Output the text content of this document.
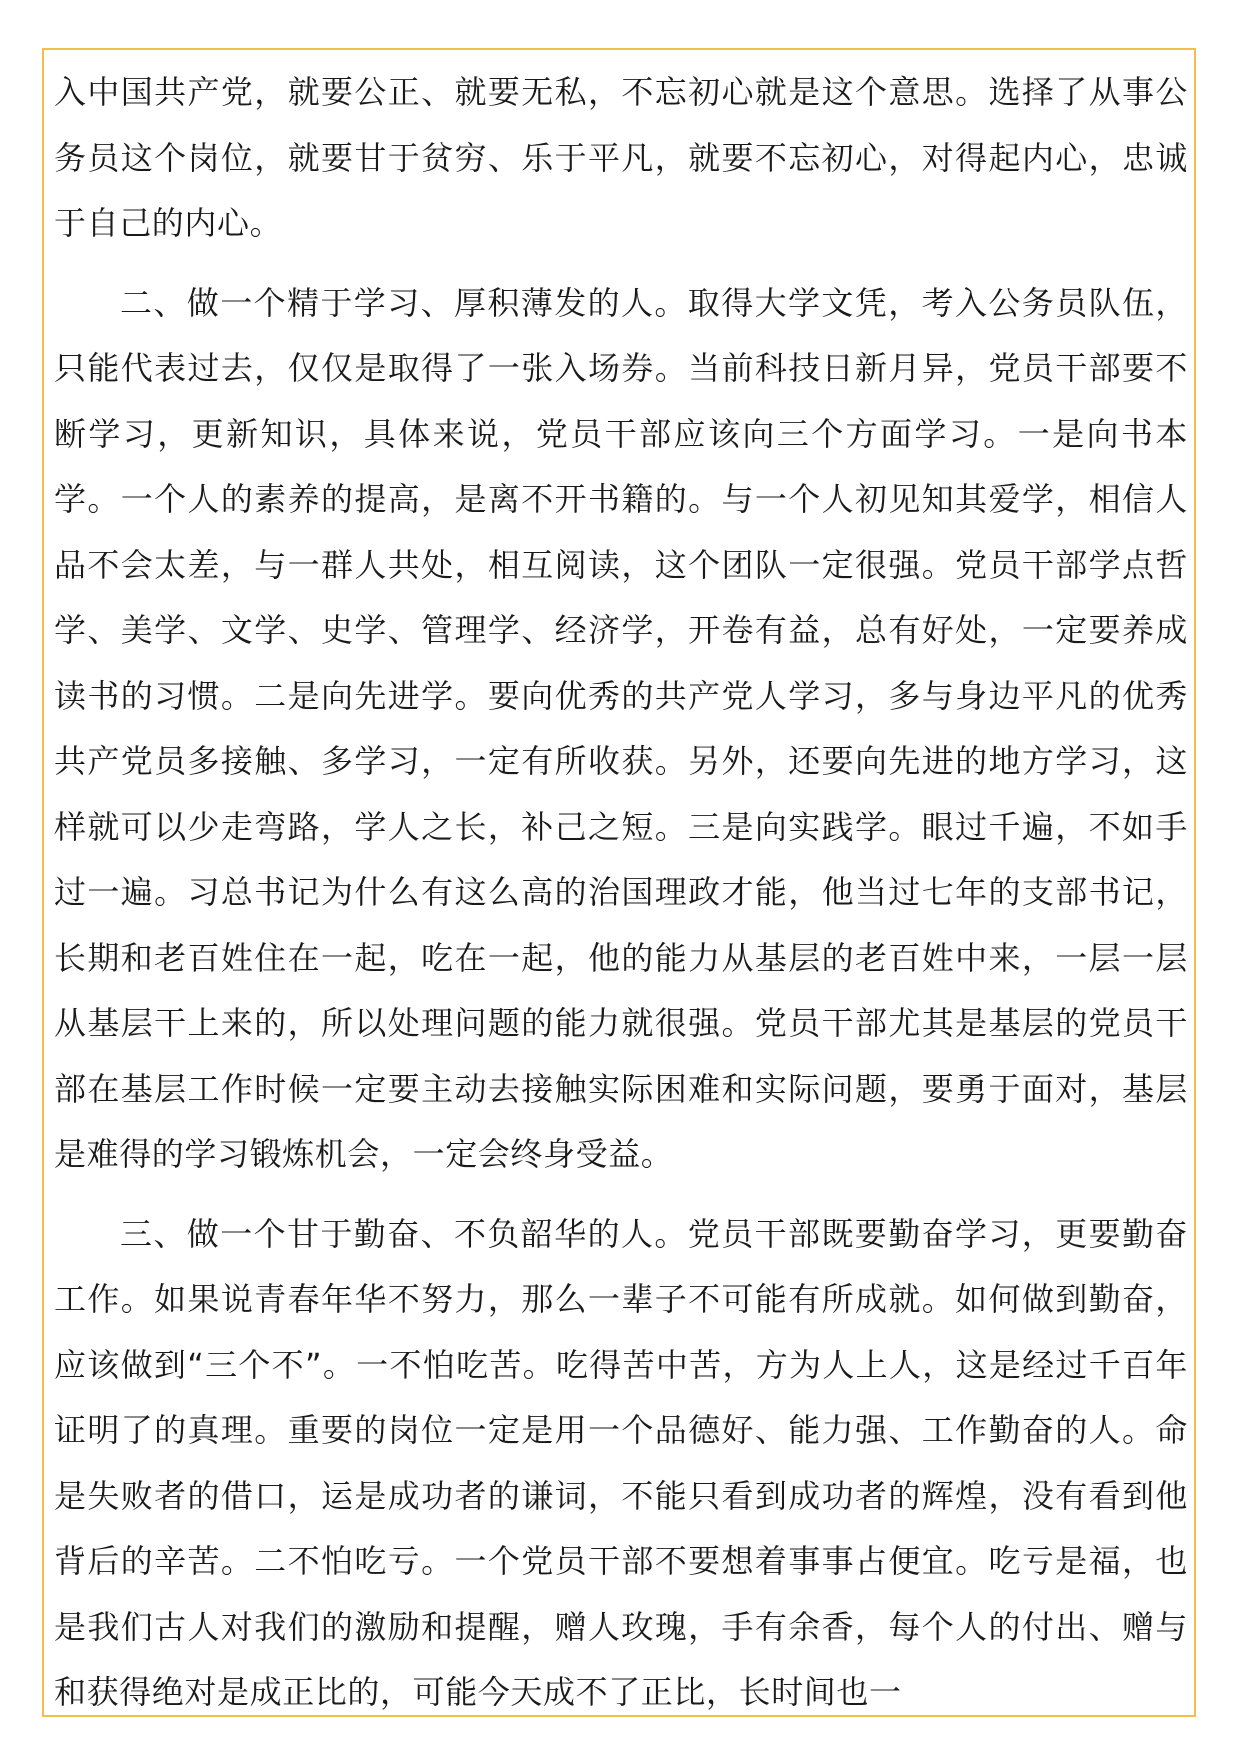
入中国共产党，就要公正、就要无私，不忘初心就是这个意思。选择了从事公务员这个岗位，就要甘于贫穷、乐于平凡，就要不忘初心，对得起内心，忠诚于自己的内心。

二、做一个精于学习、厚积薄发的人。取得大学文凭，考入公务员队伍，只能代表过去，仅仅是取得了一张入场券。当前科技日新月异，党员干部要不断学习，更新知识，具体来说，党员干部应该向三个方面学习。一是向书本学。一个人的素养的提高，是离不开书籍的。与一个人初见知其爱学，相信人品不会太差，与一群人共处，相互阅读，这个团队一定很强。党员干部学点哲学、美学、文学、史学、管理学、经济学，开卷有益，总有好处，一定要养成读书的习惯。二是向先进学。要向优秀的共产党人学习，多与身边平凡的优秀共产党员多接触、多学习，一定有所收获。另外，还要向先进的地方学习，这样就可以少走弯路，学人之长，补己之短。三是向实践学。眼过千遍，不如手过一遍。习总书记为什么有这么高的治国理政才能，他当过七年的支部书记，长期和老百姓住在一起，吃在一起，他的能力从基层的老百姓中来，一层一层从基层干上来的，所以处理问题的能力就很强。党员干部尤其是基层的党员干部在基层工作时候一定要主动去接触实际困难和实际问题，要勇于面对，基层是难得的学习锻炼机会，一定会终身受益。

三、做一个甘于勤奋、不负韶华的人。党员干部既要勤奋学习，更要勤奋工作。如果说青春年华不努力，那么一辈子不可能有所成就。如何做到勤奋，应该做到“三个不”。一不怕吃苦。吃得苦中苦，方为人上人，这是经过千百年证明了的真理。重要的岗位一定是用一个品德好、能力强、工作勤奋的人。命是失败者的借口，运是成功者的谦词，不能只看到成功者的辉煌，没有看到他背后的辛苦。二不怕吃亏。一个党员干部不要想着事事占便宜。吃亏是福，也是我们古人对我们的激励和提醒，赠人玫瑰，手有余香，每个人的付出、赠与和获得绝对是成正比的，可能今天成不了正比，长时间也一
